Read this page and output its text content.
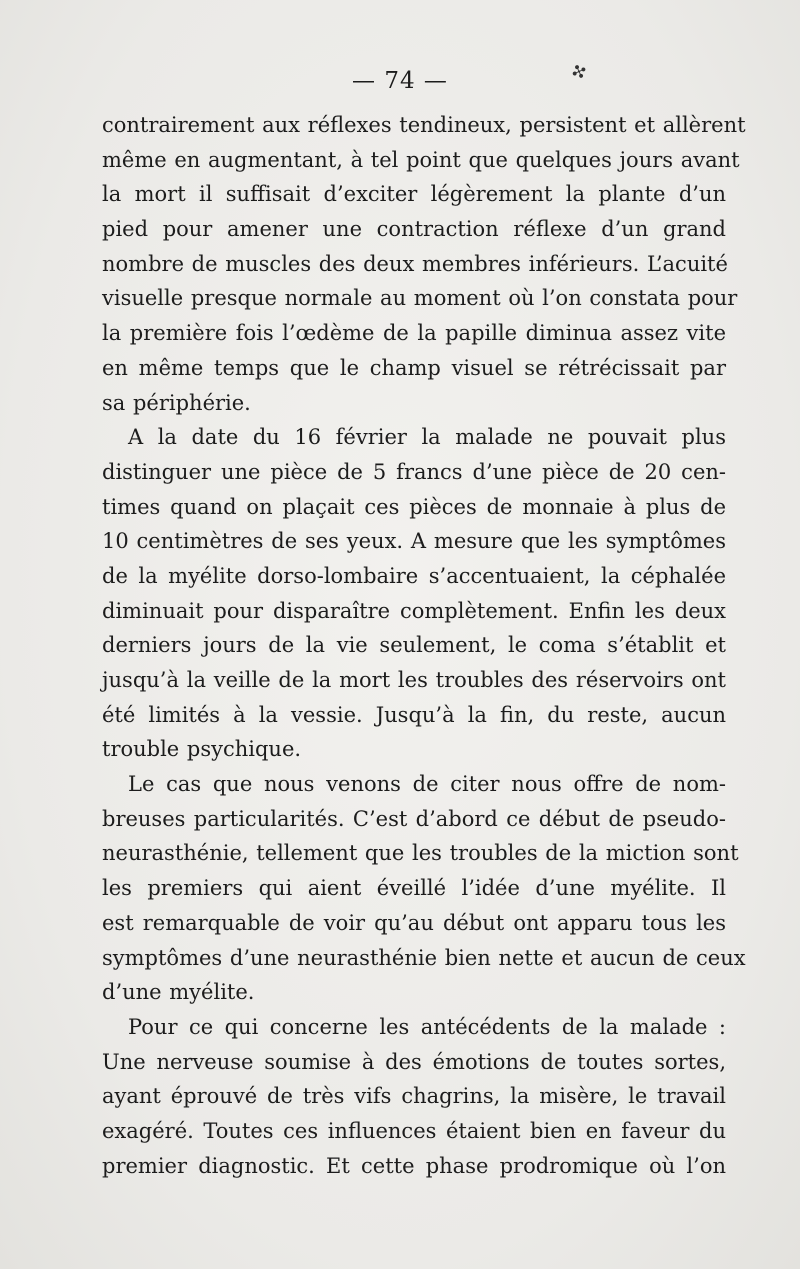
— 74 —	✣
contrairement aux réflexes tendineux, persistent et allèrent
même en augmentant, à tel point que quelques jours avant
la mort il suffisait d’exciter légèrement la plante d’un
pied pour amener une contraction réflexe d’un grand
nombre de muscles des deux membres inférieurs. L’acuité
visuelle presque normale au moment où l’on constata pour
la première fois l’œdème de la papille diminua assez vite
en même temps que le champ visuel se rétrécissait par
sa périphérie.
A la date du 16 février la malade ne pouvait plus
distinguer une pièce de 5 francs d’une pièce de 20 cen-
times quand on plaçait ces pièces de monnaie à plus de
10 centimètres de ses yeux. A mesure que les symptômes
de la myélite dorso-lombaire s’accentuaient, la céphalée
diminuait pour disparaître complètement. Enfin les deux
derniers jours de la vie seulement, le coma s’établit et
jusqu’à la veille de la mort les troubles des réservoirs ont
été limités à la vessie. Jusqu’à la fin, du reste, aucun
trouble psychique.
Le cas que nous venons de citer nous offre de nom-
breuses particularités. C’est d’abord ce début de pseudo-
neurasthénie, tellement que les troubles de la miction sont
les premiers qui aient éveillé l’idée d’une myélite. Il
est remarquable de voir qu’au début ont apparu tous les
symptômes d’une neurasthénie bien nette et aucun de ceux
d’une myélite.
Pour ce qui concerne les antécédents de la malade :
Une nerveuse soumise à des émotions de toutes sortes,
ayant éprouvé de très vifs chagrins, la misère, le travail
exagéré. Toutes ces influences étaient bien en faveur du
premier diagnostic. Et cette phase prodromique où l’on
